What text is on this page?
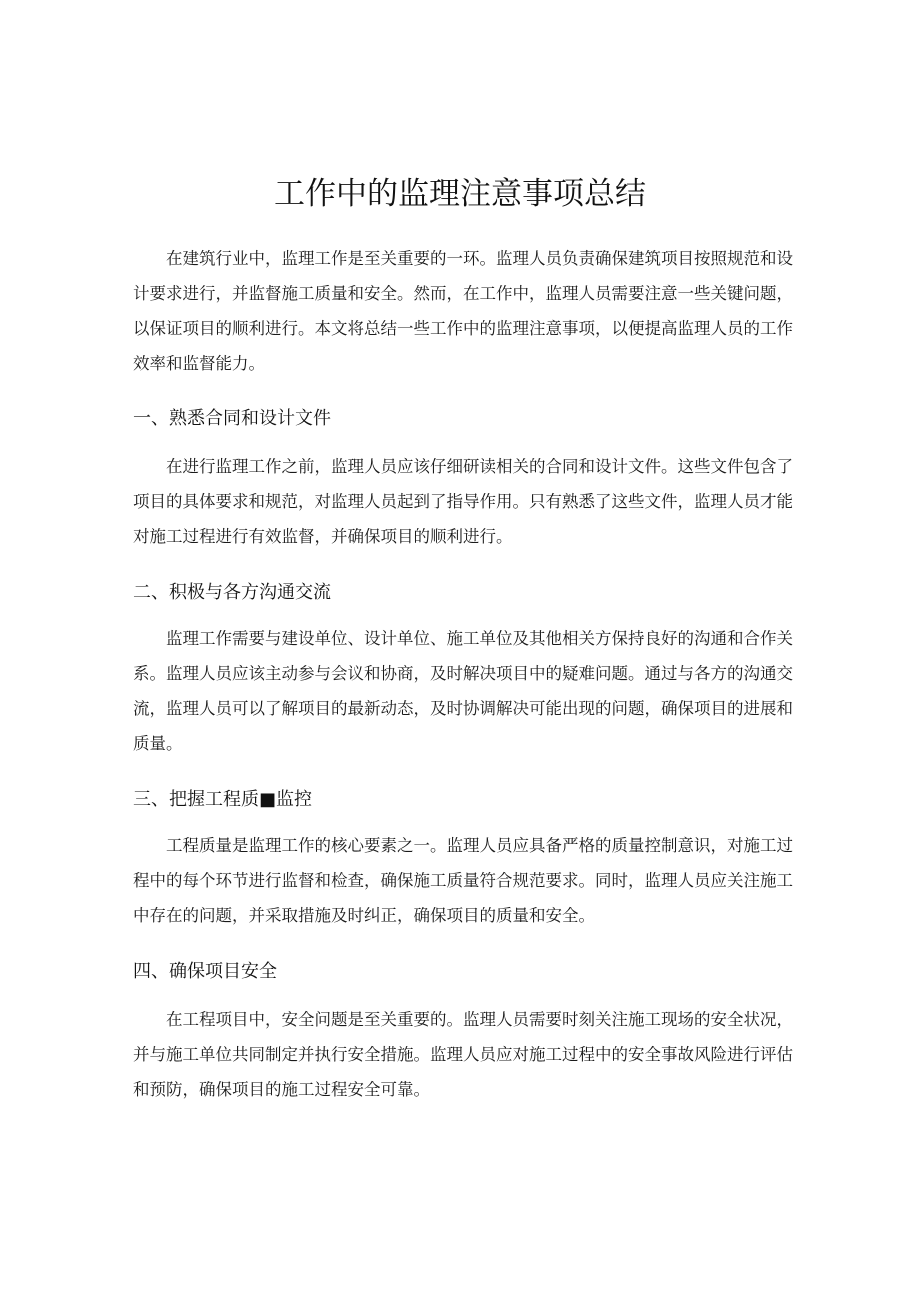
工作中的监理注意事项总结

在建筑行业中，监理工作是至关重要的一环。监理人员负责确保建筑项目按照规范和设计要求进行，并监督施工质量和安全。然而，在工作中，监理人员需要注意一些关键问题，以保证项目的顺利进行。本文将总结一些工作中的监理注意事项，以便提高监理人员的工作效率和监督能力。

一、熟悉合同和设计文件

在进行监理工作之前，监理人员应该仔细研读相关的合同和设计文件。这些文件包含了项目的具体要求和规范，对监理人员起到了指导作用。只有熟悉了这些文件，监理人员才能对施工过程进行有效监督，并确保项目的顺利进行。

二、积极与各方沟通交流

监理工作需要与建设单位、设计单位、施工单位及其他相关方保持良好的沟通和合作关系。监理人员应该主动参与会议和协商，及时解决项目中的疑难问题。通过与各方的沟通交流，监理人员可以了解项目的最新动态，及时协调解决可能出现的问题，确保项目的进展和质量。

三、把握工程质■监控

工程质量是监理工作的核心要素之一。监理人员应具备严格的质量控制意识，对施工过程中的每个环节进行监督和检查，确保施工质量符合规范要求。同时，监理人员应关注施工中存在的问题，并采取措施及时纠正，确保项目的质量和安全。

四、确保项目安全

在工程项目中，安全问题是至关重要的。监理人员需要时刻关注施工现场的安全状况，并与施工单位共同制定并执行安全措施。监理人员应对施工过程中的安全事故风险进行评估和预防，确保项目的施工过程安全可靠。
